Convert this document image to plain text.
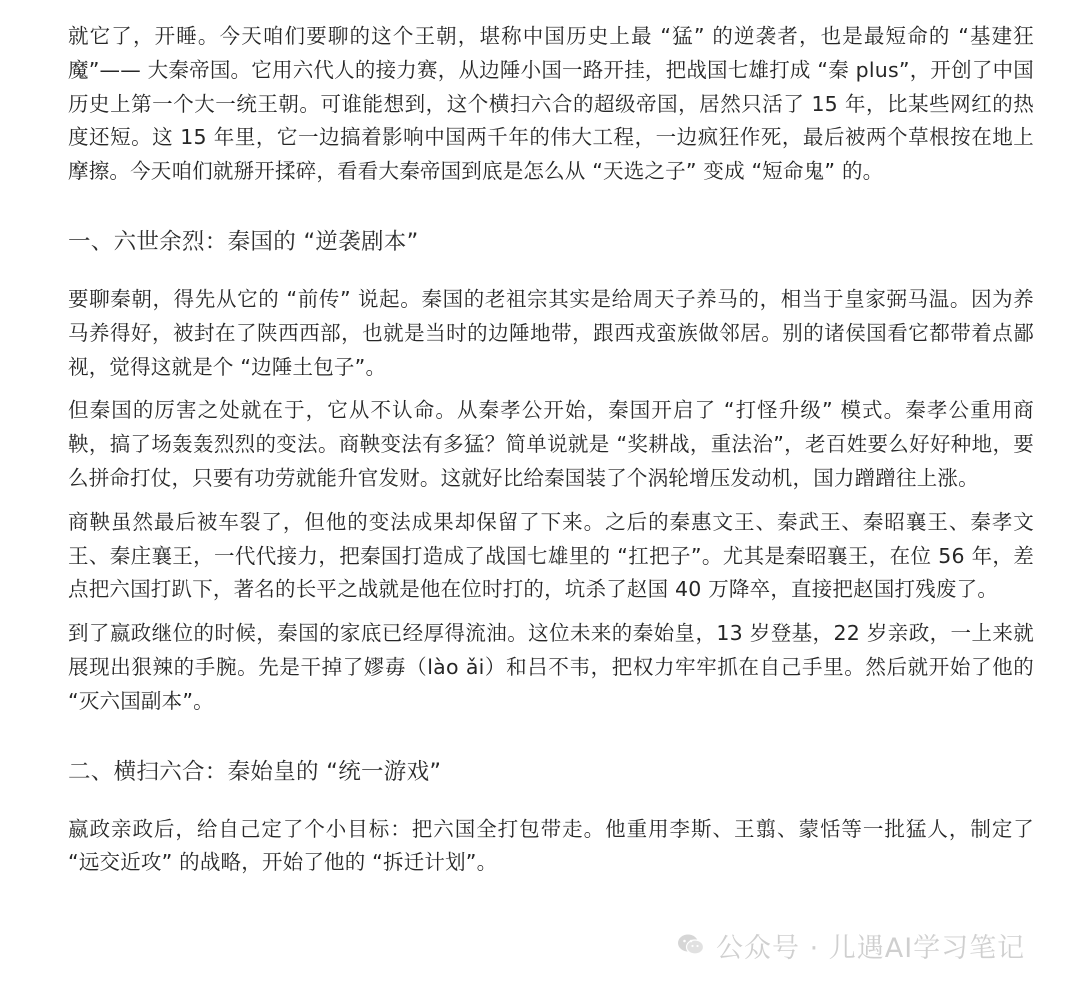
就它了，开睡。今天咱们要聊的这个王朝，堪称中国历史上最 “猛” 的逆袭者，也是最短命的 “基建狂魔”—— 大秦帝国。它用六代人的接力赛，从边陲小国一路开挂，把战国七雄打成 “秦 plus”，开创了中国历史上第一个大一统王朝。可谁能想到，这个横扫六合的超级帝国，居然只活了 15 年，比某些网红的热度还短。这 15 年里，它一边搞着影响中国两千年的伟大工程，一边疯狂作死，最后被两个草根按在地上摩擦。今天咱们就掰开揉碎，看看大秦帝国到底是怎么从 “天选之子” 变成 “短命鬼” 的。

一、六世余烈：秦国的 “逆袭剧本”

要聊秦朝，得先从它的 “前传” 说起。秦国的老祖宗其实是给周天子养马的，相当于皇家弼马温。因为养马养得好，被封在了陕西西部，也就是当时的边陲地带，跟西戎蛮族做邻居。别的诸侯国看它都带着点鄙视，觉得这就是个 “边陲土包子”。

但秦国的厉害之处就在于，它从不认命。从秦孝公开始，秦国开启了 “打怪升级” 模式。秦孝公重用商鞅，搞了场轰轰烈烈的变法。商鞅变法有多猛？简单说就是 “奖耕战，重法治”，老百姓要么好好种地，要么拼命打仗，只要有功劳就能升官发财。这就好比给秦国装了个涡轮增压发动机，国力蹭蹭往上涨。

商鞅虽然最后被车裂了，但他的变法成果却保留了下来。之后的秦惠文王、秦武王、秦昭襄王、秦孝文王、秦庄襄王，一代代接力，把秦国打造成了战国七雄里的 “扛把子”。尤其是秦昭襄王，在位 56 年，差点把六国打趴下，著名的长平之战就是他在位时打的，坑杀了赵国 40 万降卒，直接把赵国打残废了。

到了嬴政继位的时候，秦国的家底已经厚得流油。这位未来的秦始皇，13 岁登基，22 岁亲政，一上来就展现出狠辣的手腕。先是干掉了嫪毐（lào ǎi）和吕不韦，把权力牢牢抓在自己手里。然后就开始了他的 “灭六国副本”。

二、横扫六合：秦始皇的 “统一游戏”

嬴政亲政后，给自己定了个小目标：把六国全打包带走。他重用李斯、王翦、蒙恬等一批猛人，制定了 “远交近攻” 的战略，开始了他的 “拆迁计划”。

公众号 · 儿遇AI学习笔记
